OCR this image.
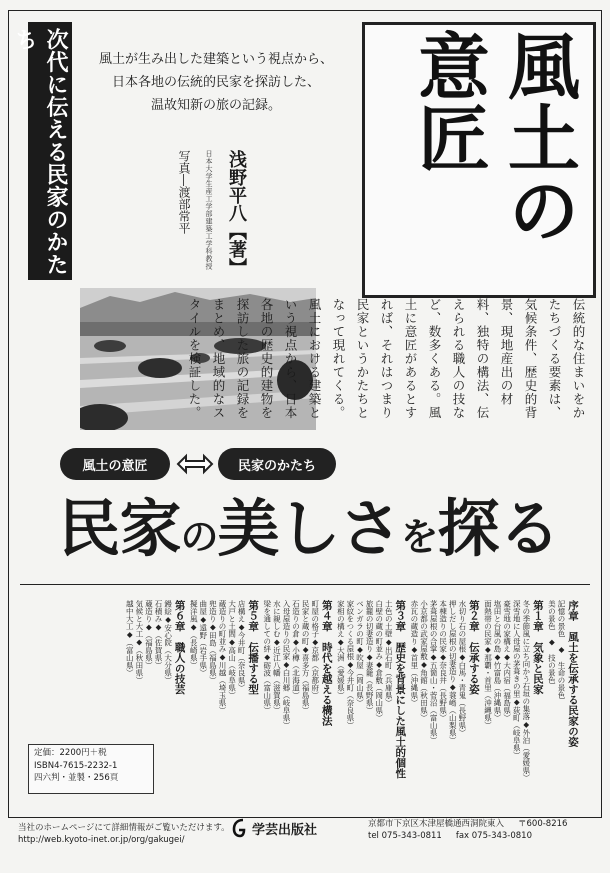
次代に伝える民家のかたち
風土が生み出した建築という視点から、
日本各地の伝統的民家を探訪した、
温故知新の旅の記録。	風土の
意匠
浅野平八【著】
日本大学生産工学部建築工学科教授
写真―渡部常平
伝統的な住まいをかたちづくる要素は、気候条件、歴史的背景、現地産出の材料、独特の構法、伝えられる職人の技など、数多くある。風土に意匠があるとすれば、それはつまり民家というかたちとなって現れてくる。風土における建築という視点から、日本各地の歴史的建物を探訪した旅の記録をまとめ、地域的なスタイルを検証した。
風土の意匠	民家のかたち
民家の美しさを探る
序章　風土を伝承する民家の姿
記憶の景色　◆　生命の景色
美の景色　◆　技の景色
第１章　気象と民家
冬の季節風に立ち向かう石垣の集落◆外泊（愛媛県）
深雪地に人母屋の茅葺きの里◆荻町（岐阜県）
豪雪地の家構え◆大内宿（福島県）
塩田と台風の島◆竹富島（沖縄県）
面熱帯の民家◆那覇・首里（沖縄県）
第２章　伝承する姿
水切り石の屋根◆白馬・青鬼（長野県）
押しだし屋根の切妻造り◆蓑嶋（山梨県）
本棟造りの民家◆奈良井（長野県）
茅葺屋根の合掌◆五箇山・菅沼（富山県）
小京都の武家屋敷◆角館（秋田県）
赤瓦の蔵造り◆首里（沖縄県）
第３章　歴史を背景にした風土的個性
土色の土壁◆出石町（兵庫県）
白壁の蔵の町並み◆倉敷（岡山県）
旅籠の切妻造り◆妻籠（長野県）
ベンガラの町◆吹屋（岡山県）
家紋をつくる屋根◆今井町（奈良県）
家相の構え◆大洲（愛媛県）
第４章　時代を越える構法
町屋の格子◆京都（京都府）
民家と蔵の町◆喜多方（福島県）
石造りの倉◆小樽（北海道）
入母屋造りの民家◆白川郷（岐阜県）
水に親しむ◆近江八幡（滋賀県）
梁を通しての絆◆砺波（富山県）
第５章　伝播する型
店構え◆今井町（奈良県）
大戸と土間◆高山（岐阜県）
蔵造りの町並み◆川越（埼玉県）
兜造り◆田島（福島県）
曲屋◆遠野（岩手県）
擬洋風◆（長崎県）
第６章　職人の技芸
鏝絵◆安心院（大分県）
石積み◆（佐賀県）
蔵造り◆（福島県）
気候と大工◆（秋田県）
越中大工◆（富山県）
定価：2200円＋税
ISBN4-7615-2232-1
四六判・並製・256頁
当社のホームページにて詳細情報がご覧いただけます。
http://web.kyoto-inet.or.jp/org/gakugei/
学芸出版社	京都市下京区木津屋橋通西洞院東入 〒600-8216
tel 075-343-0811 fax 075-343-0810
